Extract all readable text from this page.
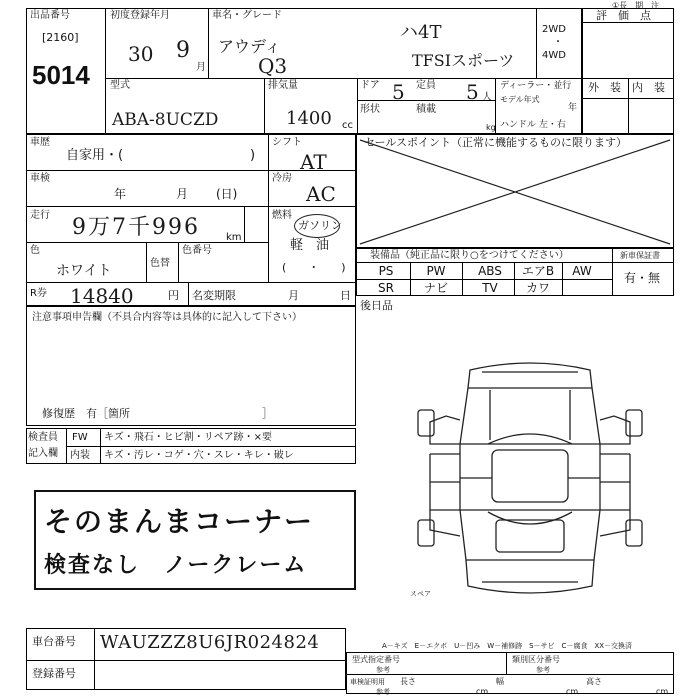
出品番号
[2160]
5014
初度登録年月
30 9
月
車名・グレード
アウディ
Q3
ハ4T
TFSIスポーツ
2WD
・
4WD
評　価　点
①長　期　注
外　装　内　装
型式
ABA-8UCZD
排気量
1400 cc
ドア 5 定員 5 人
形状	積載
kg
ディーラー・並行
モデル年式
年
ハンドル 左・右
車歴
自家用・(	)
シフト
AT
車検
年	月 (日)
冷房
AC
走行 9万7千996	km
燃料
ガソリン
軽　油
(　　・　　)
色
ホワイト	色替
色番号
R券 14840	円 名変期限	月	日
セールスポイント（正常に機能するものに限ります）
装備品（純正品に限り○をつけてください）	新車保証書
有・無
PS	PW	ABS	エアB	AW
SR	ナビ	TV	カワ
後日品
注意事項申告欄（不具合内容等は具体的に記入して下さい）
修復歴　有［箇所　　　　　　　　　　　　］
検査員
記入欄
FW キズ・飛石・ヒビ割・リペア跡・×要
内装 キズ・汚レ・コゲ・穴・スレ・キレ・破レ
そのまんまコーナー
検査なし　ノークレーム
スペア
車台番号 WAUZZZ8U6JR024824
登録番号
A－キズ　E－エクボ　U－凹み　W－補修跡　S－サビ　C－腐食　XX－交換済
型式指定番号
参考
類別区分番号
参考
車検証明用
参考
長さ
cm
幅
cm
高さ
cm
